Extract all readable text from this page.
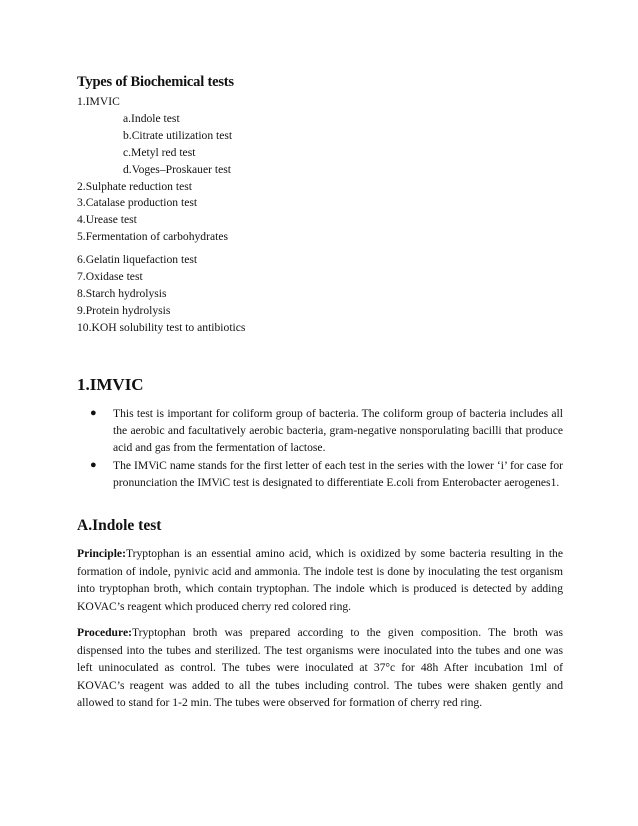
Types of Biochemical tests
1.IMVIC
a.Indole test
b.Citrate utilization test
c.Metyl red test
d.Voges–Proskauer test
2.Sulphate reduction test
3.Catalase production test
4.Urease test
5.Fermentation of carbohydrates
6.Gelatin liquefaction test
7.Oxidase test
8.Starch hydrolysis
9.Protein hydrolysis
10.KOH solubility test to antibiotics
1.IMVIC
● This test is important for coliform group of bacteria. The coliform group of bacteria includes all the aerobic and facultatively aerobic bacteria, gram-negative nonsporulating bacilli that produce acid and gas from the fermentation of lactose.
● The IMViC name stands for the first letter of each test in the series with the lower ‘i’ for case for pronunciation the IMViC test is designated to differentiate E.coli from Enterobacter aerogenes1.
A.Indole test

Principle:Tryptophan is an essential amino acid, which is oxidized by some bacteria resulting in the formation of indole, pynivic acid and ammonia. The indole test is done by inoculating the test organism into tryptophan broth, which contain tryptophan. The indole which is produced is detected by adding KOVAC’s reagent which produced cherry red colored ring.

Procedure:Tryptophan broth was prepared according to the given composition. The broth was dispensed into the tubes and sterilized. The test organisms were inoculated into the tubes and one was left uninoculated as control. The tubes were inoculated at 37°c for 48h After incubation 1ml of KOVAC’s reagent was added to all the tubes including control. The tubes were shaken gently and allowed to stand for 1-2 min. The tubes were observed for formation of cherry red ring.
